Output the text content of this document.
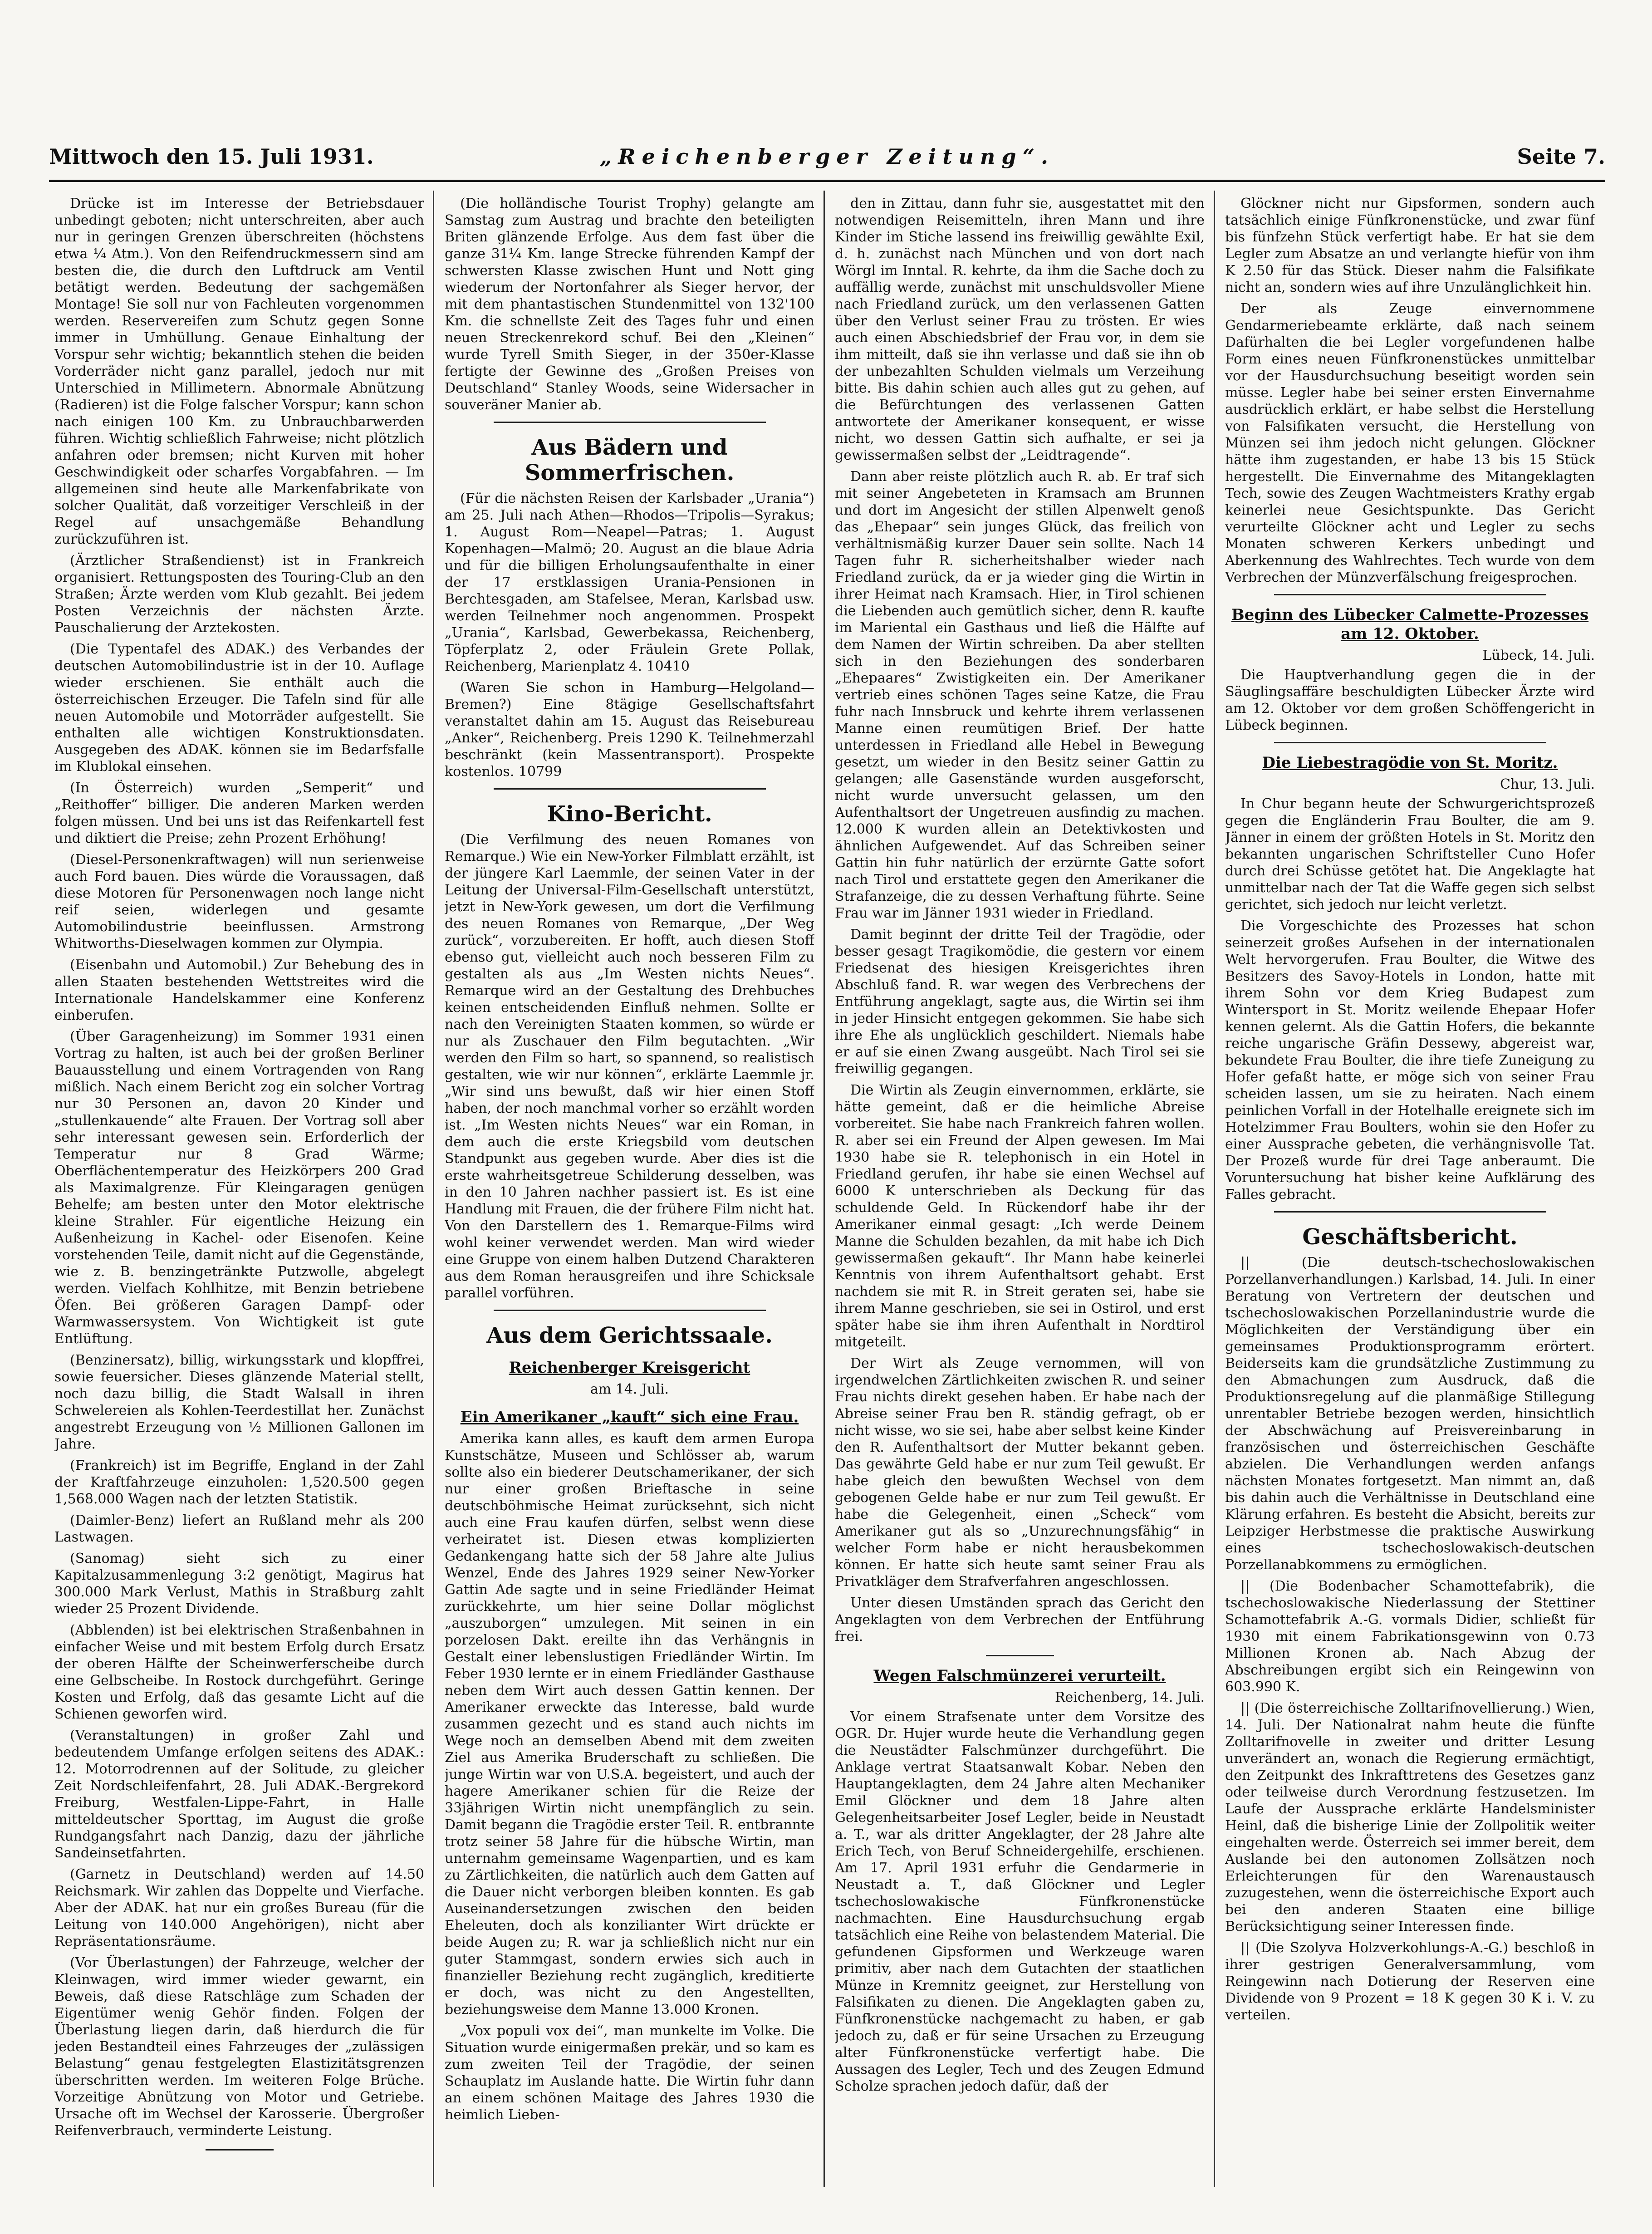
Mittwoch den 15. Juli 1931.	„Reichenberger Zeitung“.	Seite 7.

Drücke ist im Interesse der Betriebsdauer unbedingt geboten; nicht unterschreiten, aber auch nur in geringen Grenzen überschreiten (höchstens etwa ¼ Atm.). Von den Reifendruckmessern sind am besten die, die durch den Luftdruck am Ventil betätigt werden. Bedeutung der sachgemäßen Montage! Sie soll nur von Fachleuten vorgenommen werden. Reservereifen zum Schutz gegen Sonne immer in Umhüllung. Genaue Einhaltung der Vorspur sehr wichtig; bekanntlich stehen die beiden Vorderräder nicht ganz parallel, jedoch nur mit Unterschied in Millimetern. Abnormale Abnützung (Radieren) ist die Folge falscher Vorspur; kann schon nach einigen 100 Km. zu Unbrauchbarwerden führen. Wichtig schließlich Fahrweise; nicht plötzlich anfahren oder bremsen; nicht Kurven mit hoher Geschwindigkeit oder scharfes Vorgabfahren. — Im allgemeinen sind heute alle Markenfabrikate von solcher Qualität, daß vorzeitiger Verschleiß in der Regel auf unsachgemäße Behandlung zurückzuführen ist.

(Ärztlicher Straßendienst) ist in Frankreich organisiert. Rettungsposten des Touring-Club an den Straßen; Ärzte werden vom Klub gezahlt. Bei jedem Posten Verzeichnis der nächsten Ärzte. Pauschalierung der Arztekosten.

(Die Typentafel des ADAK.) des Verbandes der deutschen Automobilindustrie ist in der 10. Auflage wieder erschienen. Sie enthält auch die österreichischen Erzeuger. Die Tafeln sind für alle neuen Automobile und Motorräder aufgestellt. Sie enthalten alle wichtigen Konstruktionsdaten. Ausgegeben des ADAK. können sie im Bedarfsfalle im Klublokal einsehen.

(In Österreich) wurden „Semperit“ und „Reithoffer“ billiger. Die anderen Marken werden folgen müssen. Und bei uns ist das Reifenkartell fest und diktiert die Preise; zehn Prozent Erhöhung!

(Diesel-Personenkraftwagen) will nun serienweise auch Ford bauen. Dies würde die Voraussagen, daß diese Motoren für Personenwagen noch lange nicht reif seien, widerlegen und gesamte Automobilindustrie beeinflussen. Armstrong Whitworths-Dieselwagen kommen zur Olympia.

(Eisenbahn und Automobil.) Zur Behebung des in allen Staaten bestehenden Wettstreites wird die Internationale Handelskammer eine Konferenz einberufen.

(Über Garagenheizung) im Sommer 1931 einen Vortrag zu halten, ist auch bei der großen Berliner Bauausstellung und einem Vortragenden von Rang mißlich. Nach einem Bericht zog ein solcher Vortrag nur 30 Personen an, davon 20 Kinder und „stullenkauende“ alte Frauen. Der Vortrag soll aber sehr interessant gewesen sein. Erforderlich der Temperatur nur 8 Grad Wärme; Oberflächentemperatur des Heizkörpers 200 Grad als Maximalgrenze. Für Kleingaragen genügen Behelfe; am besten unter den Motor elektrische kleine Strahler. Für eigentliche Heizung ein Außenheizung in Kachel- oder Eisenofen. Keine vorstehenden Teile, damit nicht auf die Gegenstände, wie z. B. benzingetränkte Putzwolle, abgelegt werden. Vielfach Kohlhitze, mit Benzin betriebene Öfen. Bei größeren Garagen Dampf- oder Warmwassersystem. Von Wichtigkeit ist gute Entlüftung.

(Benzinersatz), billig, wirkungsstark und klopffrei, sowie feuersicher. Dieses glänzende Material stellt, noch dazu billig, die Stadt Walsall in ihren Schwelereien als Kohlen-Teerdestillat her. Zunächst angestrebt Erzeugung von ½ Millionen Gallonen im Jahre.

(Frankreich) ist im Begriffe, England in der Zahl der Kraftfahrzeuge einzuholen: 1,520.500 gegen 1,568.000 Wagen nach der letzten Statistik.

(Daimler-Benz) liefert an Rußland mehr als 200 Lastwagen.

(Sanomag) sieht sich zu einer Kapitalzusammenlegung 3:2 genötigt, Magirus hat 300.000 Mark Verlust, Mathis in Straßburg zahlt wieder 25 Prozent Dividende.

(Abblenden) ist bei elektrischen Straßenbahnen in einfacher Weise und mit bestem Erfolg durch Ersatz der oberen Hälfte der Scheinwerferscheibe durch eine Gelbscheibe. In Rostock durchgeführt. Geringe Kosten und Erfolg, daß das gesamte Licht auf die Schienen geworfen wird.

(Veranstaltungen) in großer Zahl und bedeutendem Umfange erfolgen seitens des ADAK.: 12. Motorrodrennen auf der Solitude, zu gleicher Zeit Nordschleifenfahrt, 28. Juli ADAK.-Bergrekord Freiburg, Westfalen-Lippe-Fahrt, in Halle mitteldeutscher Sporttag, im August die große Rundgangsfahrt nach Danzig, dazu der jährliche Sandeinsetfahrten.

(Garnetz in Deutschland) werden auf 14.50 Reichsmark. Wir zahlen das Doppelte und Vierfache. Aber der ADAK. hat nur ein großes Bureau (für die Leitung von 140.000 Angehörigen), nicht aber Repräsentationsräume.

(Vor Überlastungen) der Fahrzeuge, welcher der Kleinwagen, wird immer wieder gewarnt, ein Beweis, daß diese Ratschläge zum Schaden der Eigentümer wenig Gehör finden. Folgen der Überlastung liegen darin, daß hierdurch die für jeden Bestandteil eines Fahrzeuges der „zulässigen Belastung“ genau festgelegten Elastizitätsgrenzen überschritten werden. Im weiteren Folge Brüche. Vorzeitige Abnützung von Motor und Getriebe. Ursache oft im Wechsel der Karosserie. Übergroßer Reifenverbrauch, verminderte Leistung.

(Die holländische Tourist Trophy) gelangte am Samstag zum Austrag und brachte den beteiligten Briten glänzende Erfolge. Aus dem fast über die ganze 31¼ Km. lange Strecke führenden Kampf der schwersten Klasse zwischen Hunt und Nott ging wiederum der Nortonfahrer als Sieger hervor, der mit dem phantastischen Stundenmittel von 132'100 Km. die schnellste Zeit des Tages fuhr und einen neuen Streckenrekord schuf. Bei den „Kleinen“ wurde Tyrell Smith Sieger, in der 350er-Klasse fertigte der Gewinne des „Großen Preises von Deutschland“ Stanley Woods, seine Widersacher in souveräner Manier ab.

Aus Bädern und Sommerfrischen.

(Für die nächsten Reisen der Karlsbader „Urania“) am 25. Juli nach Athen—Rhodos—Tripolis—Syrakus; 1. August Rom—Neapel—Patras; 1. August Kopenhagen—Malmö; 20. August an die blaue Adria und für die billigen Erholungsaufenthalte in einer der 17 erstklassigen Urania-Pensionen in Berchtesgaden, am Stafelsee, Meran, Karlsbad usw. werden Teilnehmer noch angenommen. Prospekt „Urania“, Karlsbad, Gewerbekassa, Reichenberg, Töpferplatz 2, oder Fräulein Grete Pollak, Reichenberg, Marienplatz 4. 10410

(Waren Sie schon in Hamburg—Helgoland—Bremen?) Eine 8tägige Gesellschaftsfahrt veranstaltet dahin am 15. August das Reisebureau „Anker“, Reichenberg. Preis 1290 K. Teilnehmerzahl beschränkt (kein Massentransport). Prospekte kostenlos. 10799

Kino-Bericht.

(Die Verfilmung des neuen Romanes von Remarque.) Wie ein New-Yorker Filmblatt erzählt, ist der jüngere Karl Laemmle, der seinen Vater in der Leitung der Universal-Film-Gesellschaft unterstützt, jetzt in New-York gewesen, um dort die Verfilmung des neuen Romanes von Remarque, „Der Weg zurück“, vorzubereiten. Er hofft, auch diesen Stoff ebenso gut, vielleicht auch noch besseren Film zu gestalten als aus „Im Westen nichts Neues“. Remarque wird an der Gestaltung des Drehbuches keinen entscheidenden Einfluß nehmen. Sollte er nach den Vereinigten Staaten kommen, so würde er nur als Zuschauer den Film begutachten. „Wir werden den Film so hart, so spannend, so realistisch gestalten, wie wir nur können“, erklärte Laemmle jr. „Wir sind uns bewußt, daß wir hier einen Stoff haben, der noch manchmal vorher so erzählt worden ist. „Im Westen nichts Neues“ war ein Roman, in dem auch die erste Kriegsbild vom deutschen Standpunkt aus gegeben wurde. Aber dies ist die erste wahrheitsgetreue Schilderung desselben, was in den 10 Jahren nachher passiert ist. Es ist eine Handlung mit Frauen, die der frühere Film nicht hat. Von den Darstellern des 1. Remarque-Films wird wohl keiner verwendet werden. Man wird wieder eine Gruppe von einem halben Dutzend Charakteren aus dem Roman herausgreifen und ihre Schicksale parallel vorführen.

Aus dem Gerichtssaale.
Reichenberger Kreisgericht

am 14. Juli.

Ein Amerikaner „kauft“ sich eine Frau.

Amerika kann alles, es kauft dem armen Europa Kunstschätze, Museen und Schlösser ab, warum sollte also ein biederer Deutschamerikaner, der sich nur einer großen Brieftasche in seine deutschböhmische Heimat zurücksehnt, sich nicht auch eine Frau kaufen dürfen, selbst wenn diese verheiratet ist. Diesen etwas komplizierten Gedankengang hatte sich der 58 Jahre alte Julius Wenzel, Ende des Jahres 1929 seiner New-Yorker Gattin Ade sagte und in seine Friedländer Heimat zurückkehrte, um hier seine Dollar möglichst „auszuborgen“ umzulegen. Mit seinen in ein porzelosen Dakt. ereilte ihn das Verhängnis in Gestalt einer lebenslustigen Friedländer Wirtin. Im Feber 1930 lernte er in einem Friedländer Gasthause neben dem Wirt auch dessen Gattin kennen. Der Amerikaner erweckte das Interesse, bald wurde zusammen gezecht und es stand auch nichts im Wege noch an demselben Abend mit dem zweiten Ziel aus Amerika Bruderschaft zu schließen. Die junge Wirtin war von U.S.A. begeistert, und auch der hagere Amerikaner schien für die Reize der 33jährigen Wirtin nicht unempfänglich zu sein. Damit begann die Tragödie erster Teil. R. entbrannte trotz seiner 58 Jahre für die hübsche Wirtin, man unternahm gemeinsame Wagenpartien, und es kam zu Zärtlichkeiten, die natürlich auch dem Gatten auf die Dauer nicht verborgen bleiben konnten. Es gab Auseinandersetzungen zwischen den beiden Eheleuten, doch als konzilianter Wirt drückte er beide Augen zu; R. war ja schließlich nicht nur ein guter Stammgast, sondern erwies sich auch in finanzieller Beziehung recht zugänglich, kreditierte er doch, was nicht zu den Angestellten, beziehungsweise dem Manne 13.000 Kronen.

„Vox populi vox dei“, man munkelte im Volke. Die Situation wurde einigermaßen prekär, und so kam es zum zweiten Teil der Tragödie, der seinen Schauplatz im Auslande hatte. Die Wirtin fuhr dann an einem schönen Maitage des Jahres 1930 die heimlich Lieben-

den in Zittau, dann fuhr sie, ausgestattet mit den notwendigen Reisemitteln, ihren Mann und ihre Kinder im Stiche lassend ins freiwillig gewählte Exil, d. h. zunächst nach München und von dort nach Wörgl im Inntal. R. kehrte, da ihm die Sache doch zu auffällig werde, zunächst mit unschuldsvoller Miene nach Friedland zurück, um den verlassenen Gatten über den Verlust seiner Frau zu trösten. Er wies auch einen Abschiedsbrief der Frau vor, in dem sie ihm mitteilt, daß sie ihn verlasse und daß sie ihn ob der unbezahlten Schulden vielmals um Verzeihung bitte. Bis dahin schien auch alles gut zu gehen, auf die Befürchtungen des verlassenen Gatten antwortete der Amerikaner konsequent, er wisse nicht, wo dessen Gattin sich aufhalte, er sei ja gewissermaßen selbst der „Leidtragende“.

Dann aber reiste plötzlich auch R. ab. Er traf sich mit seiner Angebeteten in Kramsach am Brunnen und dort im Angesicht der stillen Alpenwelt genoß das „Ehepaar“ sein junges Glück, das freilich von verhältnismäßig kurzer Dauer sein sollte. Nach 14 Tagen fuhr R. sicherheitshalber wieder nach Friedland zurück, da er ja wieder ging die Wirtin in ihrer Heimat nach Kramsach. Hier, in Tirol schienen die Liebenden auch gemütlich sicher, denn R. kaufte im Mariental ein Gasthaus und ließ die Hälfte auf dem Namen der Wirtin schreiben. Da aber stellten sich in den Beziehungen des sonderbaren „Ehepaares“ Zwistigkeiten ein. Der Amerikaner vertrieb eines schönen Tages seine Katze, die Frau fuhr nach Innsbruck und kehrte ihrem verlassenen Manne einen reumütigen Brief. Der hatte unterdessen in Friedland alle Hebel in Bewegung gesetzt, um wieder in den Besitz seiner Gattin zu gelangen; alle Gasenstände wurden ausgeforscht, nicht wurde unversucht gelassen, um den Aufenthaltsort der Ungetreuen ausfindig zu machen. 12.000 K wurden allein an Detektivkosten und ähnlichen Aufgewendet. Auf das Schreiben seiner Gattin hin fuhr natürlich der erzürnte Gatte sofort nach Tirol und erstattete gegen den Amerikaner die Strafanzeige, die zu dessen Verhaftung führte. Seine Frau war im Jänner 1931 wieder in Friedland.

Damit beginnt der dritte Teil der Tragödie, oder besser gesagt Tragikomödie, die gestern vor einem Friedsenat des hiesigen Kreisgerichtes ihren Abschluß fand. R. war wegen des Verbrechens der Entführung angeklagt, sagte aus, die Wirtin sei ihm in jeder Hinsicht entgegen gekommen. Sie habe sich ihre Ehe als unglücklich geschildert. Niemals habe er auf sie einen Zwang ausgeübt. Nach Tirol sei sie freiwillig gegangen.

Die Wirtin als Zeugin einvernommen, erklärte, sie hätte gemeint, daß er die heimliche Abreise vorbereitet. Sie habe nach Frankreich fahren wollen. R. aber sei ein Freund der Alpen gewesen. Im Mai 1930 habe sie R. telephonisch in ein Hotel in Friedland gerufen, ihr habe sie einen Wechsel auf 6000 K unterschrieben als Deckung für das schuldende Geld. In Rückendorf habe ihr der Amerikaner einmal gesagt: „Ich werde Deinem Manne die Schulden bezahlen, da mit habe ich Dich gewissermaßen gekauft“. Ihr Mann habe keinerlei Kenntnis von ihrem Aufenthaltsort gehabt. Erst nachdem sie mit R. in Streit geraten sei, habe sie ihrem Manne geschrieben, sie sei in Ostirol, und erst später habe sie ihm ihren Aufenthalt in Nordtirol mitgeteilt.

Der Wirt als Zeuge vernommen, will von irgendwelchen Zärtlichkeiten zwischen R. und seiner Frau nichts direkt gesehen haben. Er habe nach der Abreise seiner Frau ben R. ständig gefragt, ob er nicht wisse, wo sie sei, habe aber selbst keine Kinder den R. Aufenthaltsort der Mutter bekannt geben. Das gewährte Geld habe er nur zum Teil gewußt. Er habe gleich den bewußten Wechsel von dem gebogenen Gelde habe er nur zum Teil gewußt. Er habe die Gelegenheit, einen „Scheck“ vom Amerikaner gut als so „Unzurechnungsfähig“ in welcher Form habe er nicht herausbekommen können. Er hatte sich heute samt seiner Frau als Privatkläger dem Strafverfahren angeschlossen.

Unter diesen Umständen sprach das Gericht den Angeklagten von dem Verbrechen der Entführung frei.

Wegen Falschmünzerei verurteilt.

Reichenberg, 14. Juli.

Vor einem Strafsenate unter dem Vorsitze des OGR. Dr. Hujer wurde heute die Verhandlung gegen die Neustädter Falschmünzer durchgeführt. Die Anklage vertrat Staatsanwalt Kobar. Neben den Hauptangeklagten, dem 24 Jahre alten Mechaniker Emil Glöckner und dem 18 Jahre alten Gelegenheitsarbeiter Josef Legler, beide in Neustadt a. T., war als dritter Angeklagter, der 28 Jahre alte Erich Tech, von Beruf Schneidergehilfe, erschienen. Am 17. April 1931 erfuhr die Gendarmerie in Neustadt a. T., daß Glöckner und Legler tschechoslowakische Fünfkronenstücke nachmachten. Eine Hausdurchsuchung ergab tatsächlich eine Reihe von belastendem Material. Die gefundenen Gipsformen und Werkzeuge waren primitiv, aber nach dem Gutachten der staatlichen Münze in Kremnitz geeignet, zur Herstellung von Falsifikaten zu dienen. Die Angeklagten gaben zu, Fünfkronenstücke nachgemacht zu haben, er gab jedoch zu, daß er für seine Ursachen zu Erzeugung alter Fünfkronenstücke verfertigt habe. Die Aussagen des Legler, Tech und des Zeugen Edmund Scholze sprachen jedoch dafür, daß der

Glöckner nicht nur Gipsformen, sondern auch tatsächlich einige Fünfkronenstücke, und zwar fünf bis fünfzehn Stück verfertigt habe. Er hat sie dem Legler zum Absatze an und verlangte hiefür von ihm K 2.50 für das Stück. Dieser nahm die Falsifikate nicht an, sondern wies auf ihre Unzulänglichkeit hin.

Der als Zeuge einvernommene Gendarmeriebeamte erklärte, daß nach seinem Dafürhalten die bei Legler vorgefundenen halbe Form eines neuen Fünfkronenstückes unmittelbar vor der Hausdurchsuchung beseitigt worden sein müsse. Legler habe bei seiner ersten Einvernahme ausdrücklich erklärt, er habe selbst die Herstellung von Falsifikaten versucht, die Herstellung von Münzen sei ihm jedoch nicht gelungen. Glöckner hätte ihm zugestanden, er habe 13 bis 15 Stück hergestellt. Die Einvernahme des Mitangeklagten Tech, sowie des Zeugen Wachtmeisters Krathy ergab keinerlei neue Gesichtspunkte. Das Gericht verurteilte Glöckner acht und Legler zu sechs Monaten schweren Kerkers unbedingt und Aberkennung des Wahlrechtes. Tech wurde von dem Verbrechen der Münzverfälschung freigesprochen.

Beginn des Lübecker Calmette-Prozesses am 12. Oktober.

Lübeck, 14. Juli.

Die Hauptverhandlung gegen die in der Säuglingsaffäre beschuldigten Lübecker Ärzte wird am 12. Oktober vor dem großen Schöffengericht in Lübeck beginnen.

Die Liebestragödie von St. Moritz.

Chur, 13. Juli.

In Chur begann heute der Schwurgerichtsprozeß gegen die Engländerin Frau Boulter, die am 9. Jänner in einem der größten Hotels in St. Moritz den bekannten ungarischen Schriftsteller Cuno Hofer durch drei Schüsse getötet hat. Die Angeklagte hat unmittelbar nach der Tat die Waffe gegen sich selbst gerichtet, sich jedoch nur leicht verletzt.

Die Vorgeschichte des Prozesses hat schon seinerzeit großes Aufsehen in der internationalen Welt hervorgerufen. Frau Boulter, die Witwe des Besitzers des Savoy-Hotels in London, hatte mit ihrem Sohn vor dem Krieg Budapest zum Wintersport in St. Moritz weilende Ehepaar Hofer kennen gelernt. Als die Gattin Hofers, die bekannte reiche ungarische Gräfin Dessewy, abgereist war, bekundete Frau Boulter, die ihre tiefe Zuneigung zu Hofer gefaßt hatte, er möge sich von seiner Frau scheiden lassen, um sie zu heiraten. Nach einem peinlichen Vorfall in der Hotelhalle ereignete sich im Hotelzimmer Frau Boulters, wohin sie den Hofer zu einer Aussprache gebeten, die verhängnisvolle Tat. Der Prozeß wurde für drei Tage anberaumt. Die Voruntersuchung hat bisher keine Aufklärung des Falles gebracht.

Geschäftsbericht.

|| (Die deutsch-tschechoslowakischen Porzellanverhandlungen.) Karlsbad, 14. Juli. In einer Beratung von Vertretern der deutschen und tschechoslowakischen Porzellanindustrie wurde die Möglichkeiten der Verständigung über ein gemeinsames Produktionsprogramm erörtert. Beiderseits kam die grundsätzliche Zustimmung zu den Abmachungen zum Ausdruck, daß die Produktionsregelung auf die planmäßige Stillegung unrentabler Betriebe bezogen werden, hinsichtlich der Abschwächung auf Preisvereinbarung in französischen und österreichischen Geschäfte abzielen. Die Verhandlungen werden anfangs nächsten Monates fortgesetzt. Man nimmt an, daß bis dahin auch die Verhältnisse in Deutschland eine Klärung erfahren. Es besteht die Absicht, bereits zur Leipziger Herbstmesse die praktische Auswirkung eines tschechoslowakisch-deutschen Porzellanabkommens zu ermöglichen.

|| (Die Bodenbacher Schamottefabrik), die tschechoslowakische Niederlassung der Stettiner Schamottefabrik A.-G. vormals Didier, schließt für 1930 mit einem Fabrikationsgewinn von 0.73 Millionen Kronen ab. Nach Abzug der Abschreibungen ergibt sich ein Reingewinn von 603.990 K.

|| (Die österreichische Zolltarifnovellierung.) Wien, 14. Juli. Der Nationalrat nahm heute die fünfte Zolltarifnovelle in zweiter und dritter Lesung unverändert an, wonach die Regierung ermächtigt, den Zeitpunkt des Inkrafttretens des Gesetzes ganz oder teilweise durch Verordnung festzusetzen. Im Laufe der Aussprache erklärte Handelsminister Heinl, daß die bisherige Linie der Zollpolitik weiter eingehalten werde. Österreich sei immer bereit, dem Auslande bei den autonomen Zollsätzen noch Erleichterungen für den Warenaustausch zuzugestehen, wenn die österreichische Export auch bei den anderen Staaten eine billige Berücksichtigung seiner Interessen finde.

|| (Die Szolyva Holzverkohlungs-A.-G.) beschloß in ihrer gestrigen Generalversammlung, vom Reingewinn nach Dotierung der Reserven eine Dividende von 9 Prozent = 18 K gegen 30 K i. V. zu verteilen.
